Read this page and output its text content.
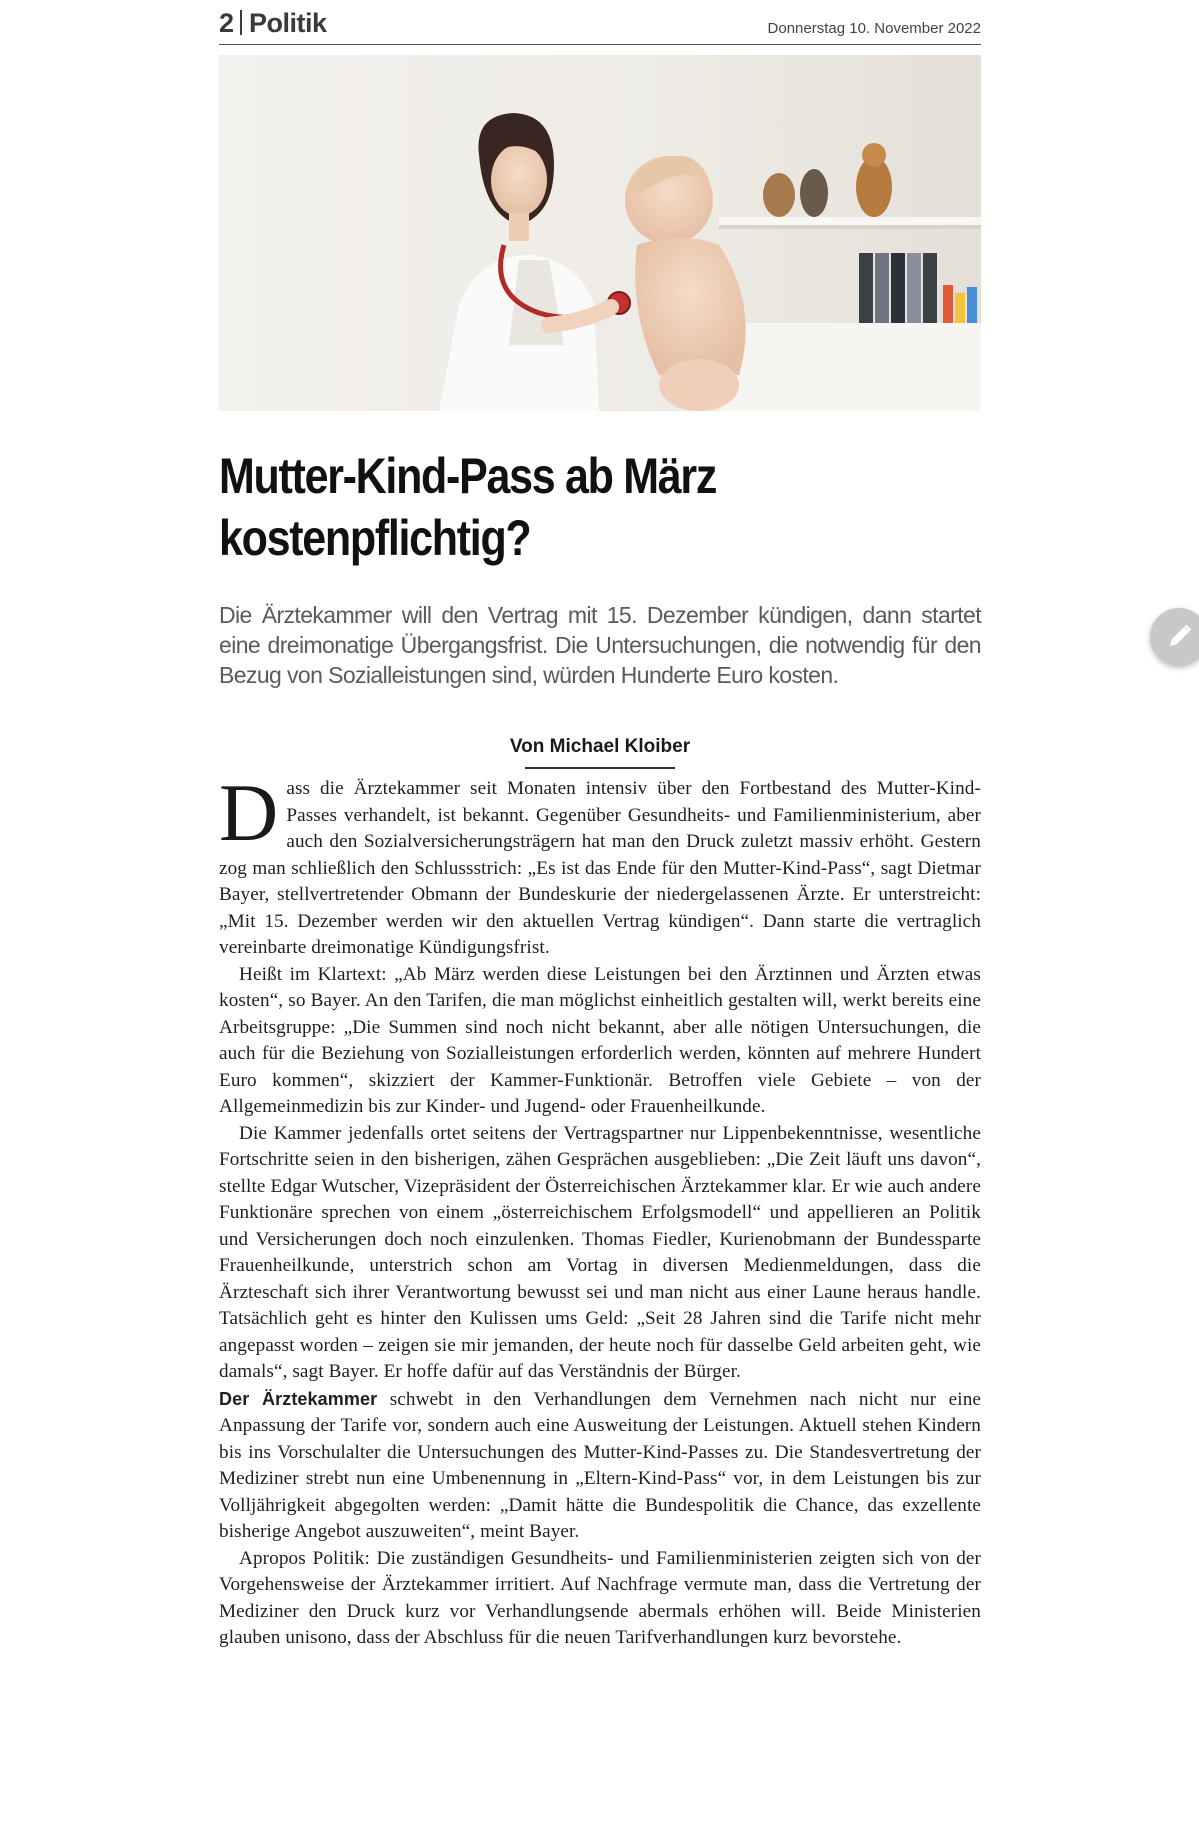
2 Politik	Donnerstag 10. November 2022
Mutter-Kind-Pass ab März
kostenpflichtig?

Die Ärztekammer will den Vertrag mit 15. Dezember kündigen, dann startet eine dreimonatige Übergangsfrist. Die Untersuchungen, die notwendig für den Bezug von Sozialleistungen sind, würden Hunderte Euro kosten.

Von Michael Kloiber

Dass die Ärztekammer seit Monaten intensiv über den Fortbestand des Mutter-Kind-Passes verhandelt, ist bekannt. Gegenüber Gesundheits- und Familienministerium, aber auch den Sozialversicherungsträgern hat man den Druck zuletzt massiv erhöht. Gestern zog man schließlich den Schlussstrich: „Es ist das Ende für den Mutter-Kind-Pass“, sagt Dietmar Bayer, stellvertretender Obmann der Bundeskurie der niedergelassenen Ärzte. Er unterstreicht: „Mit 15. Dezember werden wir den aktuellen Vertrag kündigen“. Dann starte die vertraglich vereinbarte dreimonatige Kündigungsfrist.

Heißt im Klartext: „Ab März werden diese Leistungen bei den Ärztinnen und Ärzten etwas kosten“, so Bayer. An den Tarifen, die man möglichst einheitlich gestalten will, werkt bereits eine Arbeitsgruppe: „Die Summen sind noch nicht bekannt, aber alle nötigen Untersuchungen, die auch für die Beziehung von Sozialleistungen erforderlich werden, könnten auf mehrere Hundert Euro kommen“, skizziert der Kammer-Funktionär. Betroffen viele Gebiete – von der Allgemeinmedizin bis zur Kinder- und Jugend- oder Frauenheilkunde.

Die Kammer jedenfalls ortet seitens der Vertragspartner nur Lippenbekenntnisse, wesentliche Fortschritte seien in den bisherigen, zähen Gesprächen ausgeblieben: „Die Zeit läuft uns davon“, stellte Edgar Wutscher, Vizepräsident der Österreichischen Ärztekammer klar. Er wie auch andere Funktionäre sprechen von einem „österreichischem Erfolgsmodell“ und appellieren an Politik und Versicherungen doch noch einzulenken. Thomas Fiedler, Kurienobmann der Bundessparte Frauenheilkunde, unterstrich schon am Vortag in diversen Medienmeldungen, dass die Ärzteschaft sich ihrer Verantwortung bewusst sei und man nicht aus einer Laune heraus handle. Tatsächlich geht es hinter den Kulissen ums Geld: „Seit 28 Jahren sind die Tarife nicht mehr angepasst worden – zeigen sie mir jemanden, der heute noch für dasselbe Geld arbeiten geht, wie damals“, sagt Bayer. Er hoffe dafür auf das Verständnis der Bürger.

Der Ärztekammer schwebt in den Verhandlungen dem Vernehmen nach nicht nur eine Anpassung der Tarife vor, sondern auch eine Ausweitung der Leistungen. Aktuell stehen Kindern bis ins Vorschulalter die Untersuchungen des Mutter-Kind-Passes zu. Die Standesvertretung der Mediziner strebt nun eine Umbenennung in „Eltern-Kind-Pass“ vor, in dem Leistungen bis zur Volljährigkeit abgegolten werden: „Damit hätte die Bundespolitik die Chance, das exzellente bisherige Angebot auszuweiten“, meint Bayer.

Apropos Politik: Die zuständigen Gesundheits- und Familienministerien zeigten sich von der Vorgehensweise der Ärztekammer irritiert. Auf Nachfrage vermute man, dass die Vertretung der Mediziner den Druck kurz vor Verhandlungsende abermals erhöhen will. Beide Ministerien glauben unisono, dass der Abschluss für die neuen Tarifverhandlungen kurz bevorstehe.
